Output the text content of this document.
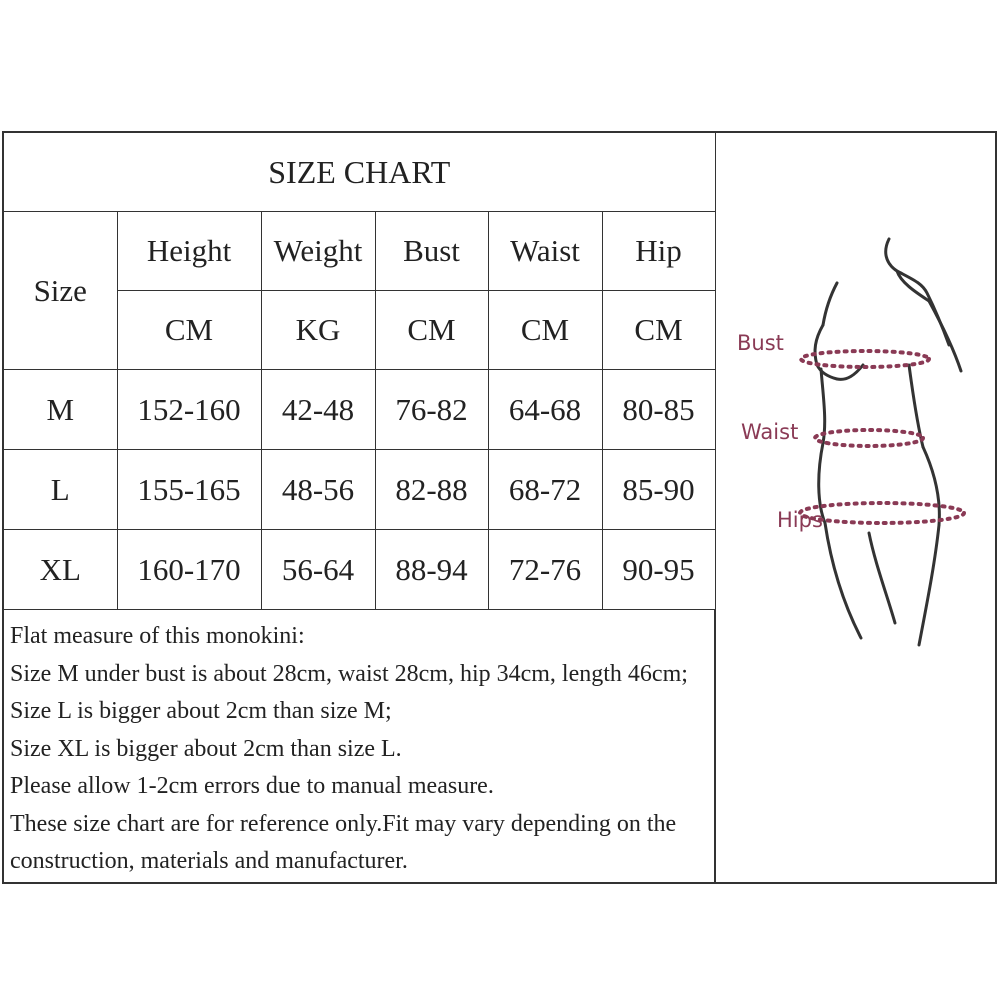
SIZE CHART					
Size	Height	Weight	Bust	Waist	Hip
	CM	KG	CM	CM	CM
M	152-160	42-48	76-82	64-68	80-85
L	155-165	48-56	82-88	68-72	85-90
XL	160-170	56-64	88-94	72-76	90-95
Flat measure of this monokini:
Size M under bust is about 28cm, waist 28cm, hip 34cm, length 46cm;
Size L is bigger about 2cm than size M;
Size XL is bigger about 2cm than size L.
Please allow 1-2cm errors due to manual measure.
These size chart are for reference only.Fit may vary depending on the
construction, materials and manufacturer.
Bust
Waist
Hips
